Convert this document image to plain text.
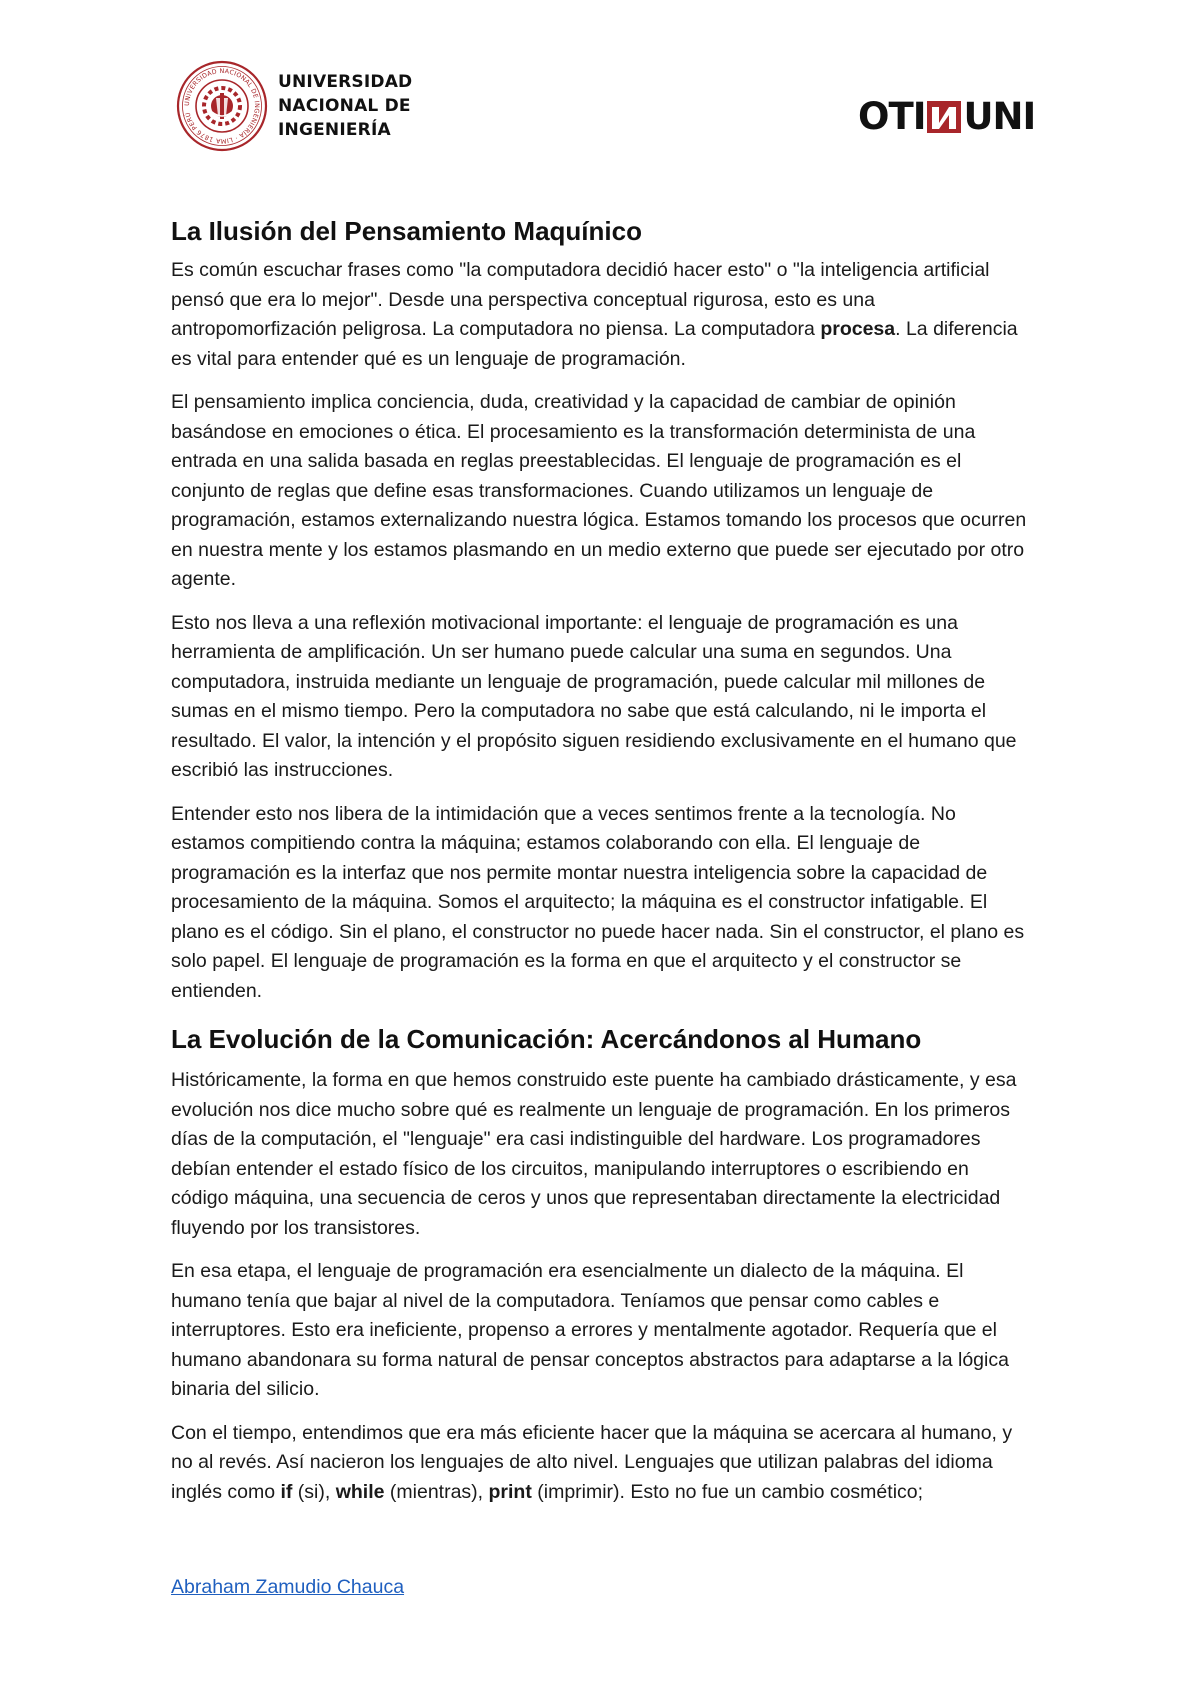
UNIVERSIDAD NACIONAL DE INGENIERÍA · LIMA 1876 PERÚ
UNIVERSIDAD
NACIONAL DE
INGENIERÍA	OTI UNI
La Ilusión del Pensamiento Maquínico

Es común escuchar frases como "la computadora decidió hacer esto" o "la inteligencia artificial pensó que era lo mejor". Desde una perspectiva conceptual rigurosa, esto es una antropomorfización peligrosa. La computadora no piensa. La computadora procesa. La diferencia es vital para entender qué es un lenguaje de programación.

El pensamiento implica conciencia, duda, creatividad y la capacidad de cambiar de opinión basándose en emociones o ética. El procesamiento es la transformación determinista de una entrada en una salida basada en reglas preestablecidas. El lenguaje de programación es el conjunto de reglas que define esas transformaciones. Cuando utilizamos un lenguaje de programación, estamos externalizando nuestra lógica. Estamos tomando los procesos que ocurren en nuestra mente y los estamos plasmando en un medio externo que puede ser ejecutado por otro agente.

Esto nos lleva a una reflexión motivacional importante: el lenguaje de programación es una herramienta de amplificación. Un ser humano puede calcular una suma en segundos. Una computadora, instruida mediante un lenguaje de programación, puede calcular mil millones de sumas en el mismo tiempo. Pero la computadora no sabe que está calculando, ni le importa el resultado. El valor, la intención y el propósito siguen residiendo exclusivamente en el humano que escribió las instrucciones.

Entender esto nos libera de la intimidación que a veces sentimos frente a la tecnología. No estamos compitiendo contra la máquina; estamos colaborando con ella. El lenguaje de programación es la interfaz que nos permite montar nuestra inteligencia sobre la capacidad de procesamiento de la máquina. Somos el arquitecto; la máquina es el constructor infatigable. El plano es el código. Sin el plano, el constructor no puede hacer nada. Sin el constructor, el plano es solo papel. El lenguaje de programación es la forma en que el arquitecto y el constructor se entienden.

La Evolución de la Comunicación: Acercándonos al Humano

Históricamente, la forma en que hemos construido este puente ha cambiado drásticamente, y esa evolución nos dice mucho sobre qué es realmente un lenguaje de programación. En los primeros días de la computación, el "lenguaje" era casi indistinguible del hardware. Los programadores debían entender el estado físico de los circuitos, manipulando interruptores o escribiendo en código máquina, una secuencia de ceros y unos que representaban directamente la electricidad fluyendo por los transistores.

En esa etapa, el lenguaje de programación era esencialmente un dialecto de la máquina. El humano tenía que bajar al nivel de la computadora. Teníamos que pensar como cables e interruptores. Esto era ineficiente, propenso a errores y mentalmente agotador. Requería que el humano abandonara su forma natural de pensar conceptos abstractos para adaptarse a la lógica binaria del silicio.

Con el tiempo, entendimos que era más eficiente hacer que la máquina se acercara al humano, y no al revés. Así nacieron los lenguajes de alto nivel. Lenguajes que utilizan palabras del idioma inglés como if (si), while (mientras), print (imprimir). Esto no fue un cambio cosmético;

Abraham Zamudio Chauca
